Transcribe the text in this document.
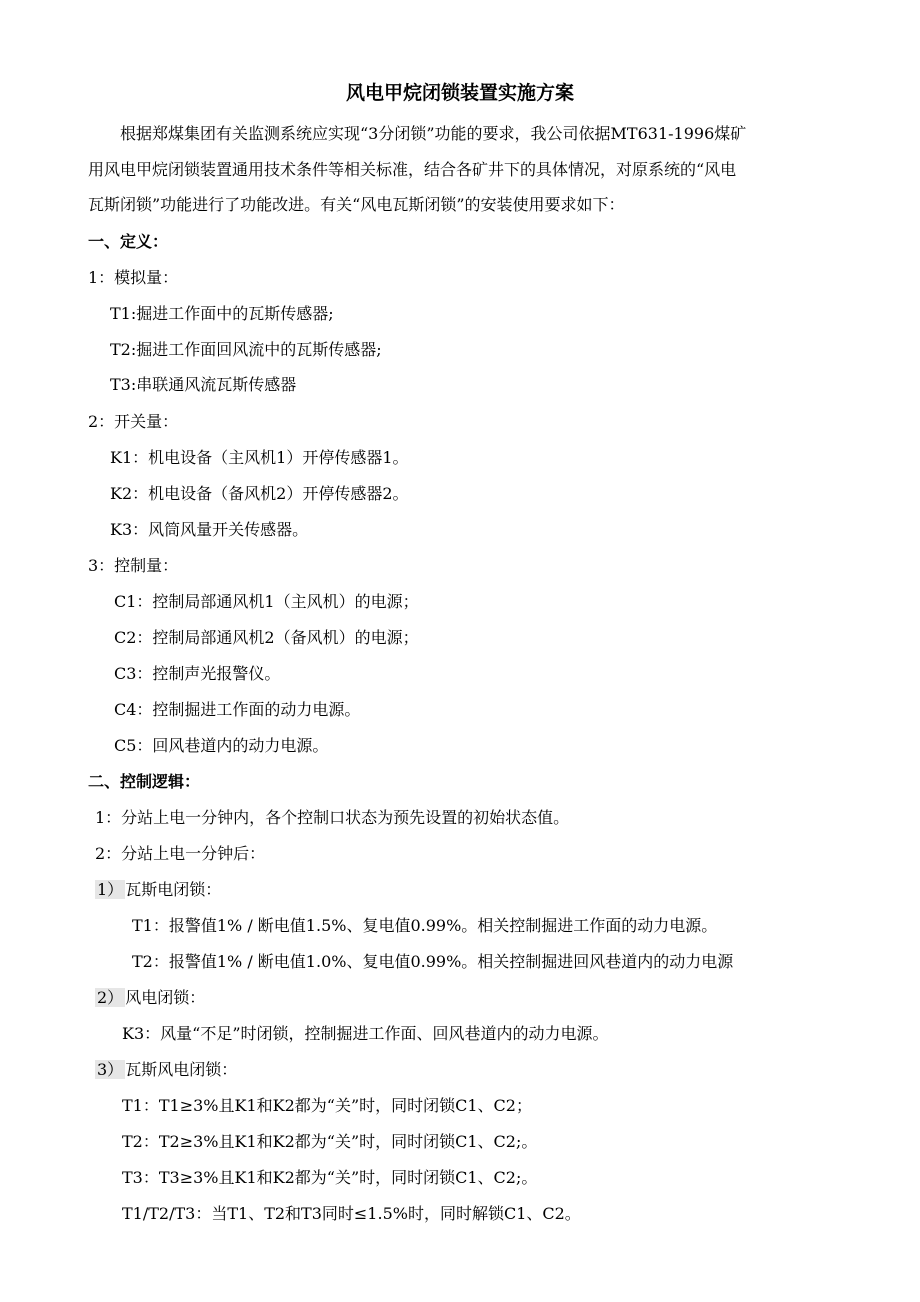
风电甲烷闭锁装置实施方案
根据郑煤集团有关监测系统应实现“3分闭锁”功能的要求，我公司依据MT631-1996煤矿
用风电甲烷闭锁装置通用技术条件等相关标准，结合各矿井下的具体情况，对原系统的“风电
瓦斯闭锁”功能进行了功能改进。有关“风电瓦斯闭锁”的安装使用要求如下：
一、定义：
1：模拟量：
T1:掘进工作面中的瓦斯传感器;
T2:掘进工作面回风流中的瓦斯传感器;
T3:串联通风流瓦斯传感器
2：开关量：
K1：机电设备（主风机1）开停传感器1。
K2：机电设备（备风机2）开停传感器2。
K3：风筒风量开关传感器。
3：控制量：
C1：控制局部通风机1（主风机）的电源；
C2：控制局部通风机2（备风机）的电源；
C3：控制声光报警仪。
C4：控制掘进工作面的动力电源。
C5：回风巷道内的动力电源。
二、控制逻辑：
1：分站上电一分钟内，各个控制口状态为预先设置的初始状态值。
2：分站上电一分钟后：
1） 瓦斯电闭锁：
T1：报警值1% / 断电值1.5%、复电值0.99%。相关控制掘进工作面的动力电源。
T2：报警值1% / 断电值1.0%、复电值0.99%。相关控制掘进回风巷道内的动力电源
2） 风电闭锁：
K3：风量“不足”时闭锁，控制掘进工作面、回风巷道内的动力电源。
3） 瓦斯风电闭锁：
T1：T1≥3%且K1和K2都为“关”时，同时闭锁C1、C2；
T2：T2≥3%且K1和K2都为“关”时，同时闭锁C1、C2;。
T3：T3≥3%且K1和K2都为“关”时，同时闭锁C1、C2;。
T1/T2/T3：当T1、T2和T3同时≤1.5%时，同时解锁C1、C2。
